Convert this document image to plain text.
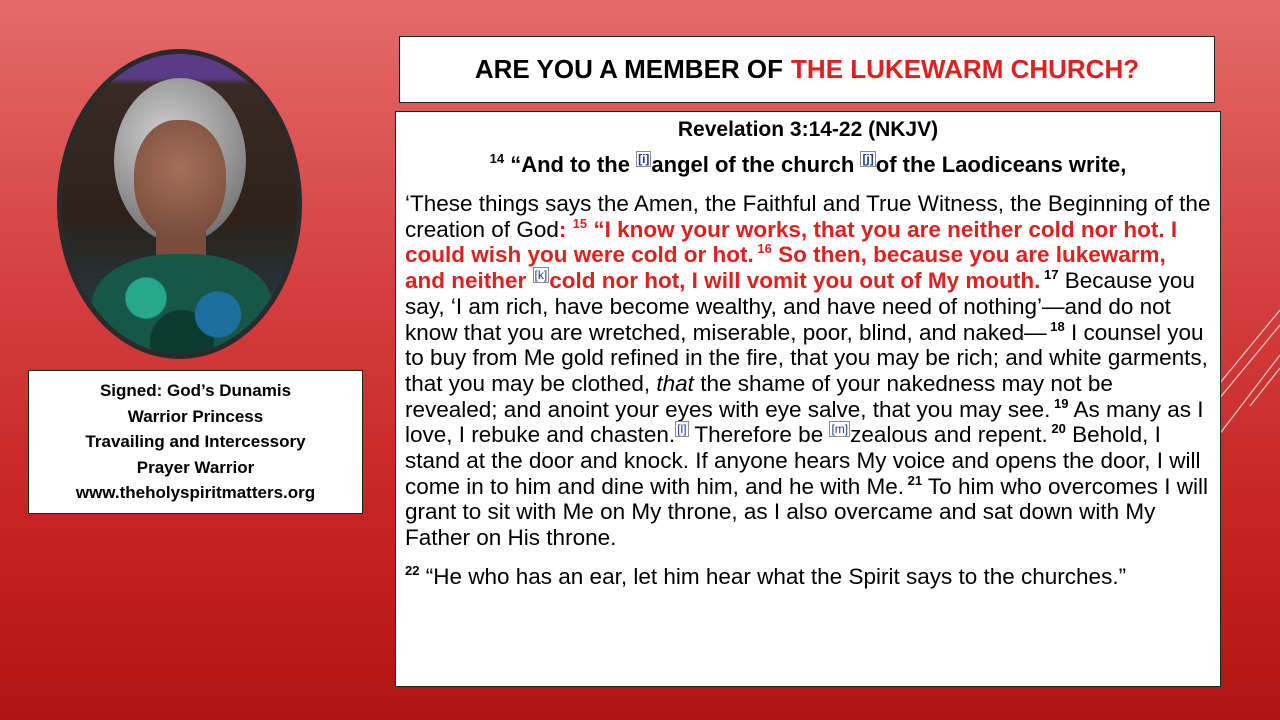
Signed: God’s Dunamis
Warrior Princess
Travailing and Intercessory
Prayer Warrior
www.theholyspiritmatters.org
ARE YOU A MEMBER OF THE LUKEWARM CHURCH?
Revelation 3:14-22 (NKJV)
$^{14}$ “And to the [i]angel of the church [j]of the Laodiceans write,
‘These things says the Amen, the Faithful and True Witness, the Beginning of the creation of God: $^{15}$ “I know your works, that you are neither cold nor hot. I could wish you were cold or hot. $^{16}$ So then, because you are lukewarm, and neither [k]cold nor hot, I will vomit you out of My mouth. $^{17}$ Because you say, ‘I am rich, have become wealthy, and have need of nothing’—and do not know that you are wretched, miserable, poor, blind, and naked— $^{18}$ I counsel you to buy from Me gold refined in the fire, that you may be rich; and white garments, that you may be clothed, that the shame of your nakedness may not be revealed; and anoint your eyes with eye salve, that you may see. $^{19}$ As many as I love, I rebuke and chasten. [l] Therefore be [m]zealous and repent. $^{20}$ Behold, I stand at the door and knock. If anyone hears My voice and opens the door, I will come in to him and dine with him, and he with Me. $^{21}$ To him who overcomes I will grant to sit with Me on My throne, as I also overcame and sat down with My Father on His throne.
$^{22}$ “He who has an ear, let him hear what the Spirit says to the churches.”
